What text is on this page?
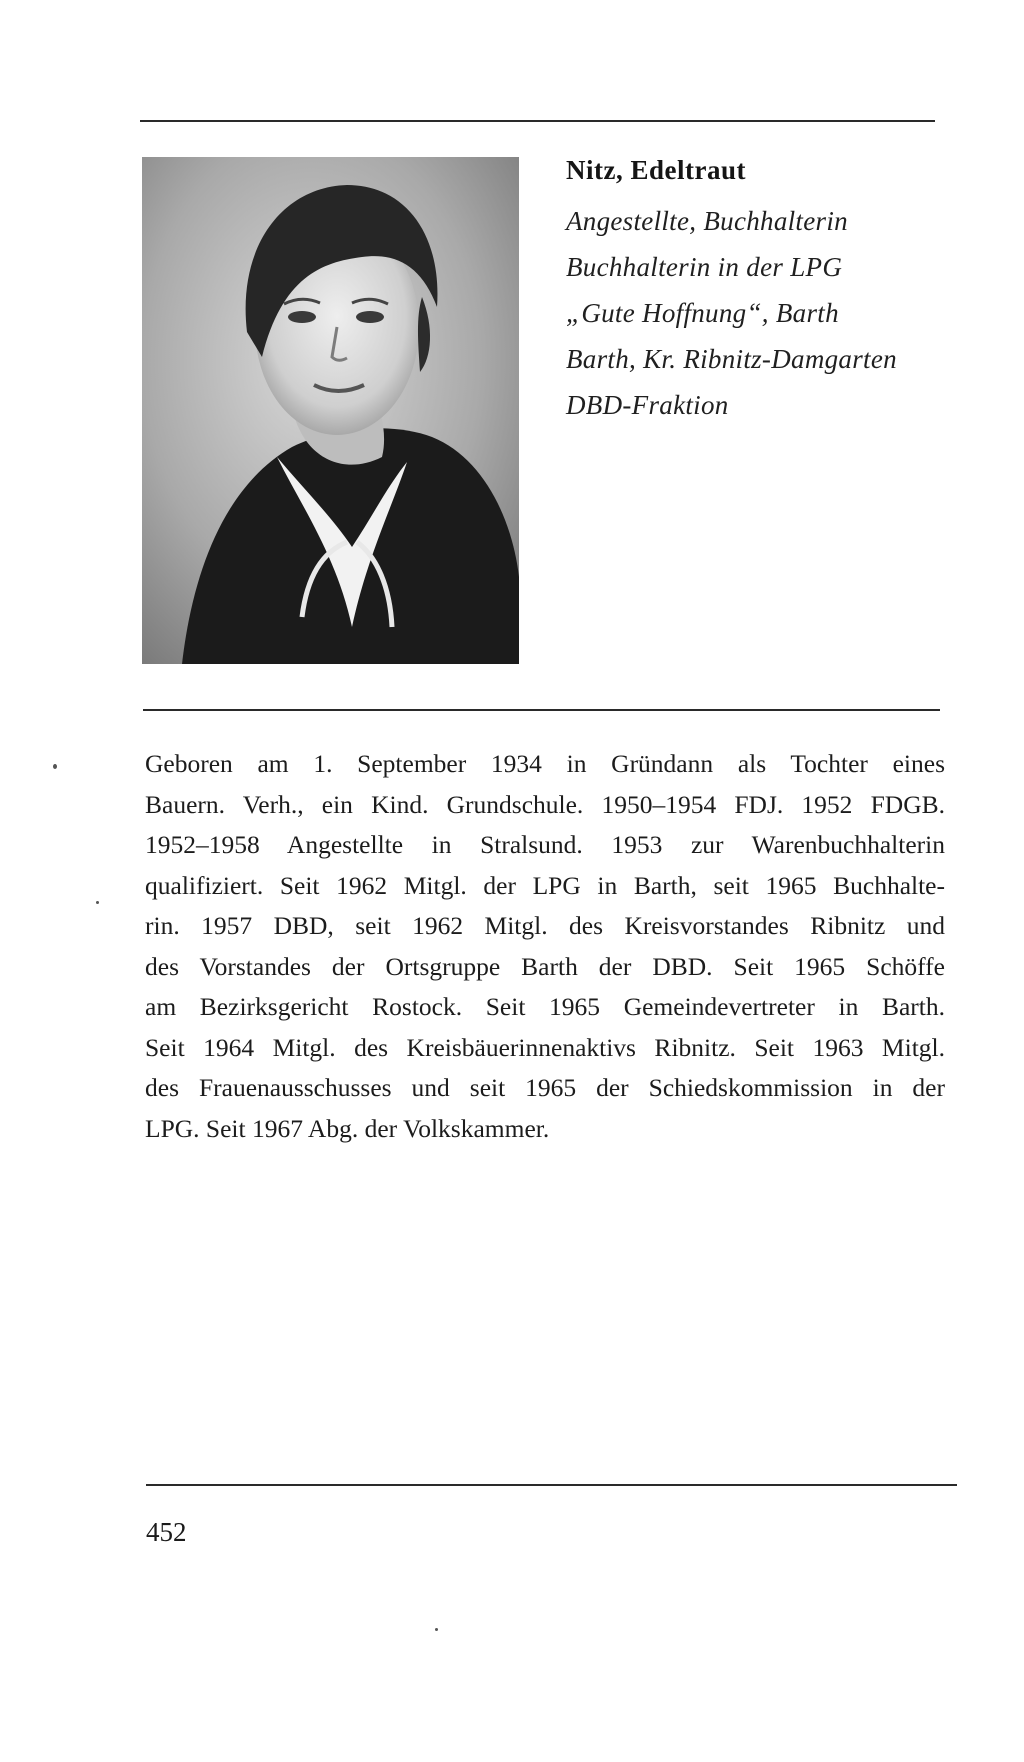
Nitz, Edeltraut
Angestellte, Buchhalterin
Buchhalterin in der LPG
„Gute Hoffnung“, Barth
Barth, Kr. Ribnitz-Damgarten
DBD-Fraktion
Geboren am 1. September 1934 in Gründann als Tochter eines
Bauern. Verh., ein Kind. Grundschule. 1950–1954 FDJ. 1952 FDGB.
1952–1958 Angestellte in Stralsund. 1953 zur Warenbuchhalterin
qualifiziert. Seit 1962 Mitgl. der LPG in Barth, seit 1965 Buchhalte-
rin. 1957 DBD, seit 1962 Mitgl. des Kreisvorstandes Ribnitz und
des Vorstandes der Ortsgruppe Barth der DBD. Seit 1965 Schöffe
am Bezirksgericht Rostock. Seit 1965 Gemeindevertreter in Barth.
Seit 1964 Mitgl. des Kreisbäuerinnenaktivs Ribnitz. Seit 1963 Mitgl.
des Frauenausschusses und seit 1965 der Schiedskommission in der
LPG. Seit 1967 Abg. der Volkskammer.
452
